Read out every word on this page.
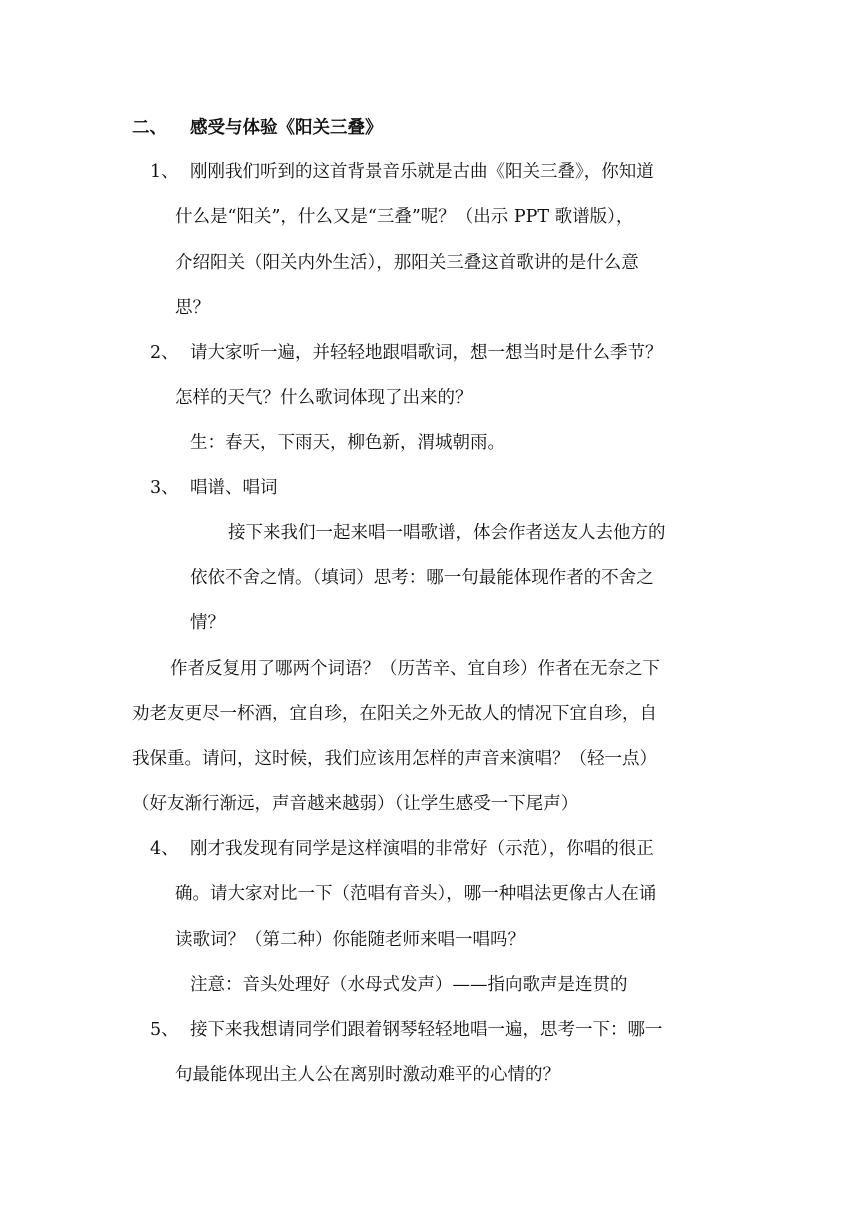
二、 感受与体验《阳关三叠》
1、 刚刚我们听到的这首背景音乐就是古曲《阳关三叠》，你知道
什么是“阳关”，什么又是“三叠”呢？（出示 PPT 歌谱版），
介绍阳关（阳关内外生活），那阳关三叠这首歌讲的是什么意
思？
2、 请大家听一遍，并轻轻地跟唱歌词，想一想当时是什么季节？
怎样的天气？什么歌词体现了出来的？
生：春天，下雨天，柳色新，渭城朝雨。
3、 唱谱、唱词
接下来我们一起来唱一唱歌谱，体会作者送友人去他方的
依依不舍之情。（填词）思考：哪一句最能体现作者的不舍之
情？
作者反复用了哪两个词语？（历苦辛、宜自珍）作者在无奈之下
劝老友更尽一杯酒，宜自珍，在阳关之外无故人的情况下宜自珍，自
我保重。请问，这时候，我们应该用怎样的声音来演唱？（轻一点）
（好友渐行渐远，声音越来越弱）（让学生感受一下尾声）
4、 刚才我发现有同学是这样演唱的非常好（示范），你唱的很正
确。请大家对比一下（范唱有音头），哪一种唱法更像古人在诵
读歌词？（第二种）你能随老师来唱一唱吗？
注意：音头处理好（水母式发声）——指向歌声是连贯的
5、 接下来我想请同学们跟着钢琴轻轻地唱一遍，思考一下：哪一
句最能体现出主人公在离别时激动难平的心情的？
